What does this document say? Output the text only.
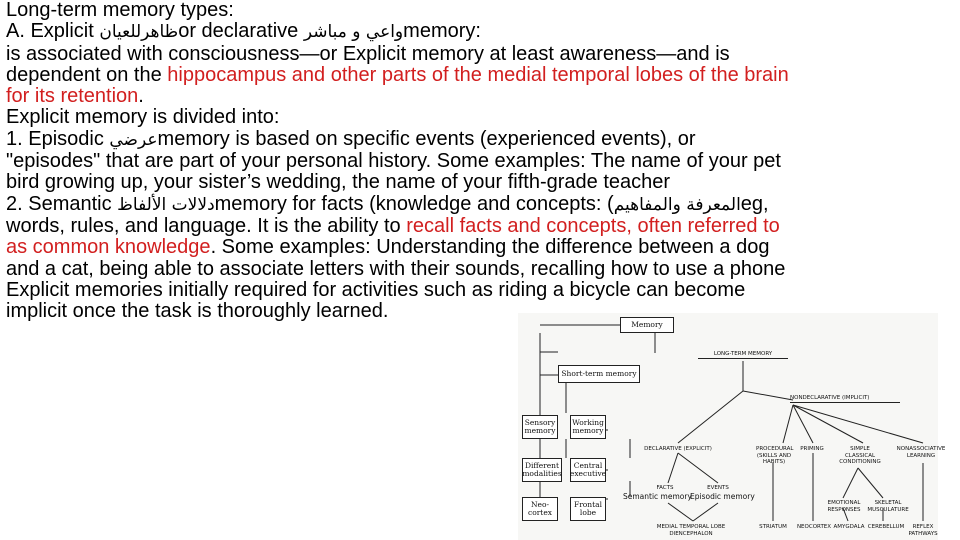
Long-term memory types:
A. Explicit ظاهرللعيانor declarative واعي و مباشرmemory:
is associated with consciousness—or Explicit memory at least awareness—and is
dependent on the hippocampus and other parts of the medial temporal lobes of the brain
for its retention.
Explicit memory is divided into:
1. Episodic عرضيmemory is based on specific events (experienced events), or
"episodes" that are part of your personal history. Some examples: The name of your pet
bird growing up, your sister’s wedding, the name of your fifth-grade teacher
2. Semantic دلالات الألفاظmemory for facts (knowledge and concepts: (المعرفة والمفاهيمeg,
words, rules, and language. It is the ability to recall facts and concepts, often referred to
as common knowledge. Some examples: Understanding the difference between a dog
and a cat, being able to associate letters with their sounds, recalling how to use a phone
Explicit memories initially required for activities such as riding a bicycle can become
implicit once the task is thoroughly learned.
Memory
LONG-TERM MEMORY
Short-term memory
Sensory memory
Working memory
Different modalities
Central executive
Neo-cortex
Frontal lobe
NONDECLARATIVE (IMPLICIT)
DECLARATIVE (EXPLICIT)	PROCEDURAL (SKILLS AND HABITS)
PRIMING	SIMPLE CLASSICAL CONDITIONING
NONASSOCIATIVE LEARNING
FACTS	EVENTS
Semantic memory
Episodic memory
EMOTIONAL RESPONSES
SKELETAL MUSCULATURE
MEDIAL TEMPORAL LOBE DIENCEPHALON
STRIATUM	NEOCORTEX AMYGDALA CEREBELLUM	REFLEX PATHWAYS
